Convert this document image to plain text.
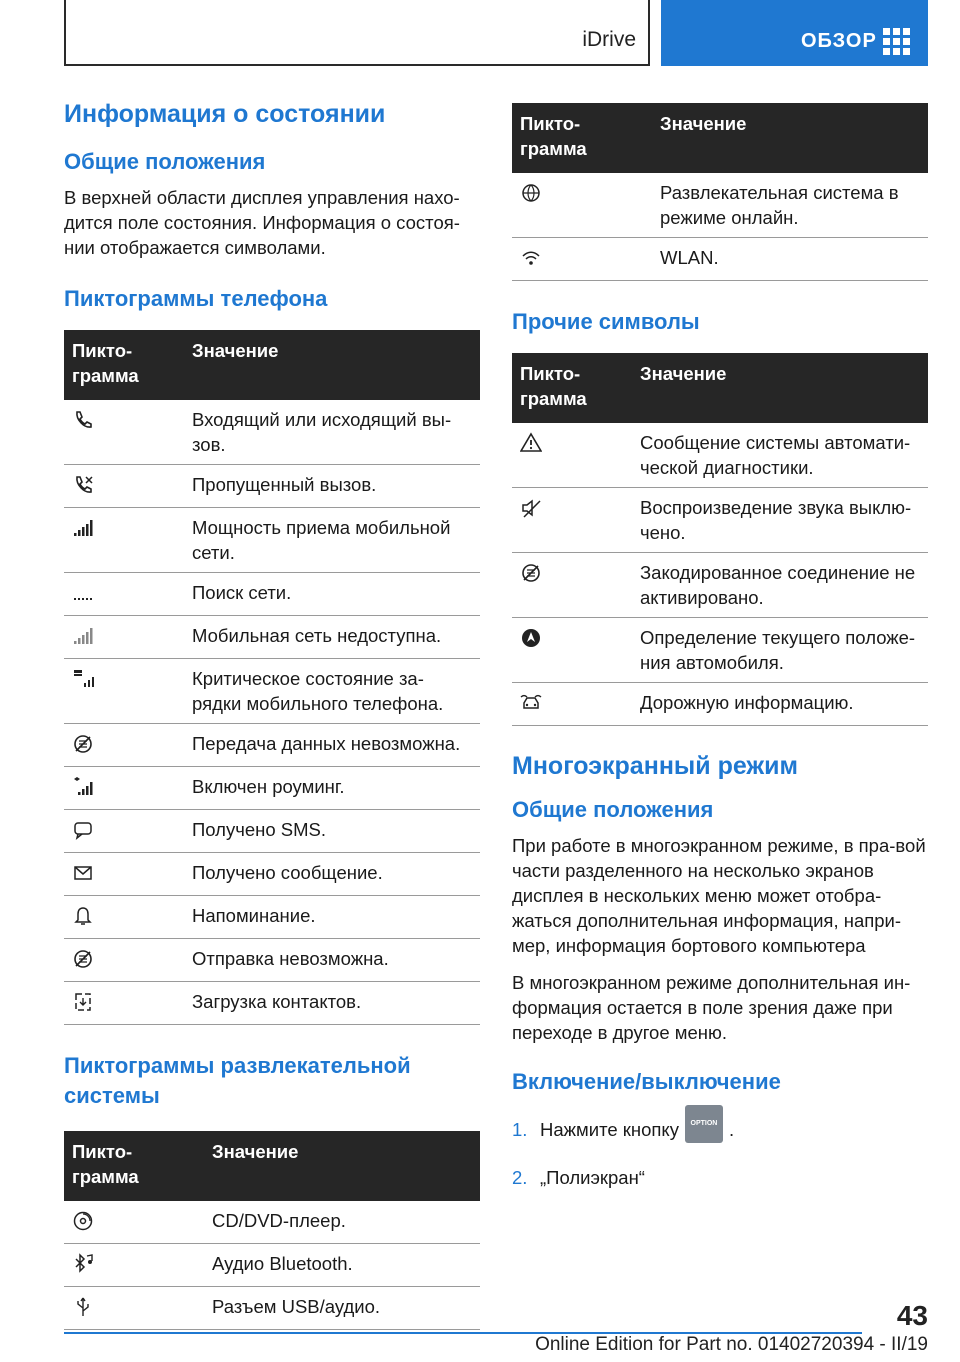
iDrive	ОБЗОР
Информация о состоянии
Общие положения

В верхней области дисплея управления нахо-дится поле состояния. Информация о состоя-нии отображается символами.

Пиктограммы телефона
Пикто-грамма	Значение
	Входящий или исходящий вы-зов.
	Пропущенный вызов.
	Мощность приема мобильной сети.
	Поиск сети.
	Мобильная сеть недоступна.
	Критическое состояние за-рядки мобильного телефона.
	Передача данных невозможна.
	Включен роуминг.
	Получено SMS.
	Получено сообщение.
	Напоминание.
	Отправка невозможна.
	Загрузка контактов.
Пиктограммы развлекательной системы
Пикто-грамма	Значение
	CD/DVD-плеер.
	Аудио Bluetooth.
	Разъем USB/аудио.
Пикто-грамма	Значение
	Развлекательная система в режиме онлайн.
	WLAN.
Прочие символы
Пикто-грамма	Значение
	Сообщение системы автомати-ческой диагностики.
	Воспроизведение звука выклю-чено.
	Закодированное соединение не активировано.
	Определение текущего положе-ния автомобиля.
	Дорожную информацию.
Многоэкранный режим
Общие положения

При работе в многоэкранном режиме, в пра-вой части разделенного на несколько экранов дисплея в нескольких меню может отобра-жаться дополнительная информация, напри-мер, информация бортового компьютера

В многоэкранном режиме дополнительная ин-формация остается в поле зрения даже при переходе в другое меню.

Включение/выключение
1. Нажмите кнопку	OPTION .
2. „Полиэкран“
43
Online Edition for Part no. 01402720394 - II/19
